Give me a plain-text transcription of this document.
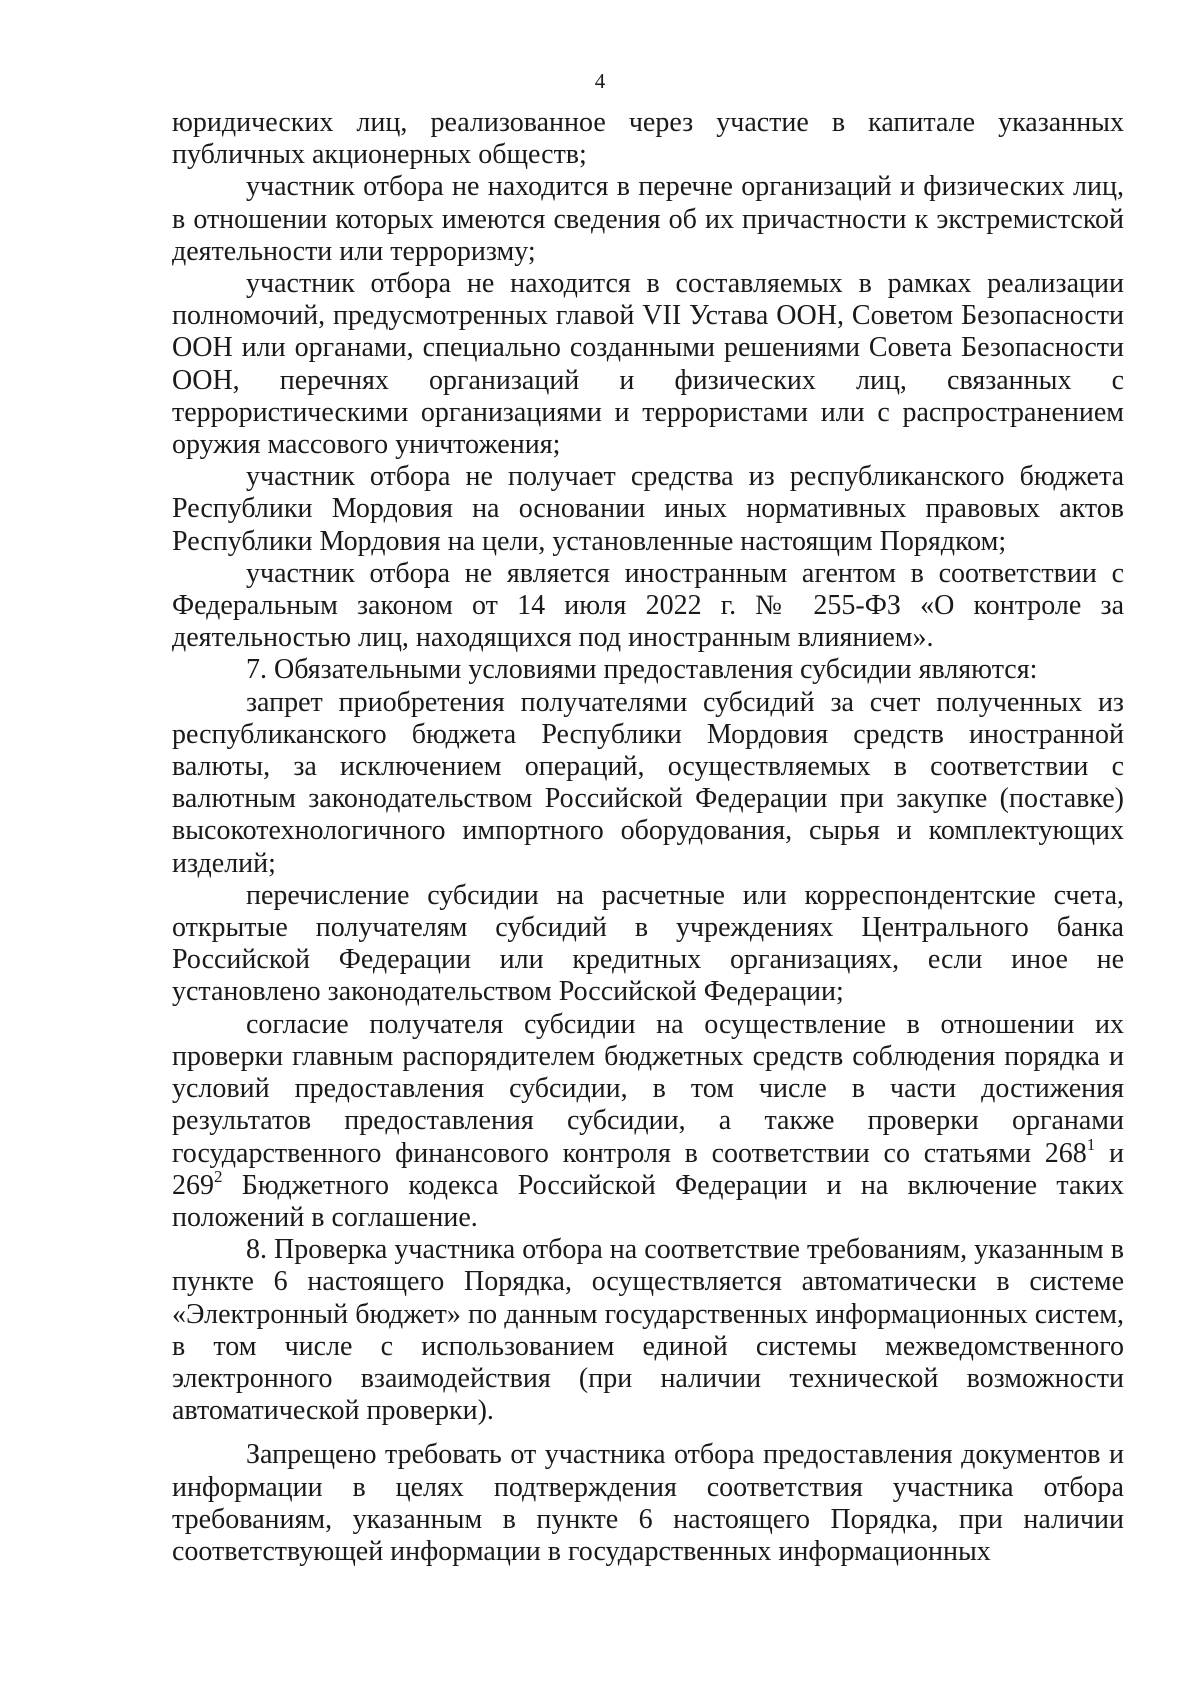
4

юридических лиц, реализованное через участие в капитале указанных публичных акционерных обществ;

участник отбора не находится в перечне организаций и физических лиц, в отношении которых имеются сведения об их причастности к экстремистской деятельности или терроризму;

участник отбора не находится в составляемых в рамках реализации полномочий, предусмотренных главой VII Устава ООН, Советом Безопасности ООН или органами, специально созданными решениями Совета Безопасности ООН, перечнях организаций и физических лиц, связанных с террористическими организациями и террористами или с распространением оружия массового уничтожения;

участник отбора не получает средства из республиканского бюджета Республики Мордовия на основании иных нормативных правовых актов Республики Мордовия на цели, установленные настоящим Порядком;

участник отбора не является иностранным агентом в соответствии с Федеральным законом от 14 июля 2022 г. № 255-ФЗ «О контроле за деятельностью лиц, находящихся под иностранным влиянием».

7. Обязательными условиями предоставления субсидии являются:

запрет приобретения получателями субсидий за счет полученных из республиканского бюджета Республики Мордовия средств иностранной валюты, за исключением операций, осуществляемых в соответствии с валютным законодательством Российской Федерации при закупке (поставке) высокотехнологичного импортного оборудования, сырья и комплектующих изделий;

перечисление субсидии на расчетные или корреспондентские счета, открытые получателям субсидий в учреждениях Центрального банка Российской Федерации или кредитных организациях, если иное не установлено законодательством Российской Федерации;

согласие получателя субсидии на осуществление в отношении их проверки главным распорядителем бюджетных средств соблюдения порядка и условий предоставления субсидии, в том числе в части достижения результатов предоставления субсидии, а также проверки органами государственного финансового контроля в соответствии со статьями $268^1$ и $269^2$ Бюджетного кодекса Российской Федерации и на включение таких положений в соглашение.

8. Проверка участника отбора на соответствие требованиям, указанным в пункте 6 настоящего Порядка, осуществляется автоматически в системе «Электронный бюджет» по данным государственных информационных систем, в том числе с использованием единой системы межведомственного электронного взаимодействия (при наличии технической возможности автоматической проверки).

Запрещено требовать от участника отбора предоставления документов и информации в целях подтверждения соответствия участника отбора требованиям, указанным в пункте 6 настоящего Порядка, при наличии соответствующей информации в государственных информационных
